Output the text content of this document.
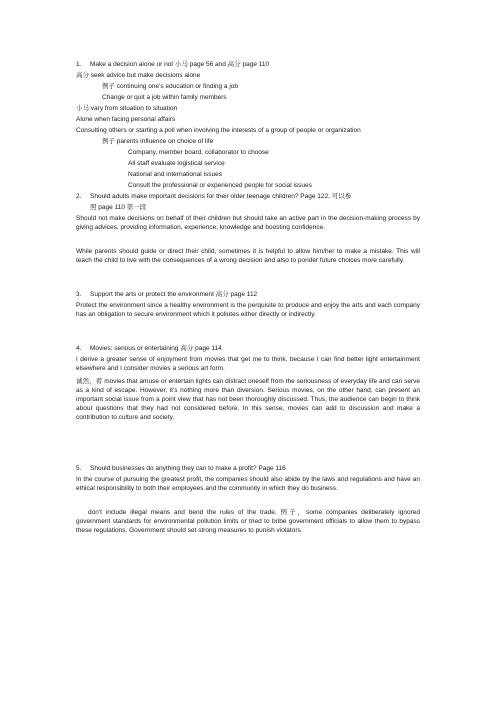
1. Make a decision alone or not 小马 page 56 and 高分 page 110
高分 seek advice but make decisions alone
例子 continuing one's education or finding a job
Change or quit a job within family members
小马 vary from situation to situation
Alone when facing personal affairs
Consulting others or starting a poll when involving the interests of a group of people or organization
例子 parents influence on choice of life
Company, member board, collaborator to choose
All staff evaluate logistical service
National and international issues
Consult the professional or experienced people for social issues
2. Should adults make important decisions for their older teenage children? Page 122, 可以参
照 page 110 第一段
Should not make decisions on behalf of their children but should take an active part in the decision-making process by giving advices, providing information, experience, knowledge and boosting confidence.
While parents should guide or direct their child, sometimes it is helpful to allow him/her to make a mistake. This will teach the child to live with the consequences of a wrong decision and also to ponder future choices more carefully.
3. Support the arts or protect the environment 高分 page 112
Protect the environment since a healthy environment is the perquisite to produce and enjoy the arts and each company has an obligation to secure environment which it pollutes either directly or indirectly.
4. Movies: serious or entertaining 高分 page 114
I derive a greater sense of enjoyment from movies that get me to think, because I can find better light entertainment elsewhere and I consider movies a serious art form.
诚然，看 movies that amuse or entertain lights can distract oneself from the seriousness of everyday life and can serve as a kind of escape. However, it's nothing more than diversion. Serious movies, on the other hand, can present an important social issue from a point view that has not been thoroughly discussed. Thus, the audience can begin to think about questions that they had not considered before. In this sense, movies can add to discussion and make a contribution to culture and society.
5. Should businesses do anything they can to make a profit? Page 116
In the course of pursuing the greatest profit, the companies should also abide by the laws and regulations and have an ethical responsibility to both their employees and the community in which they do business.
don't include illegal means and bend the rules of the trade. 例子，some companies deliberately ignored government standards for environmental pollution limits or tried to bribe government officials to allow them to bypass these regulations. Government should set strong measures to punish violators
